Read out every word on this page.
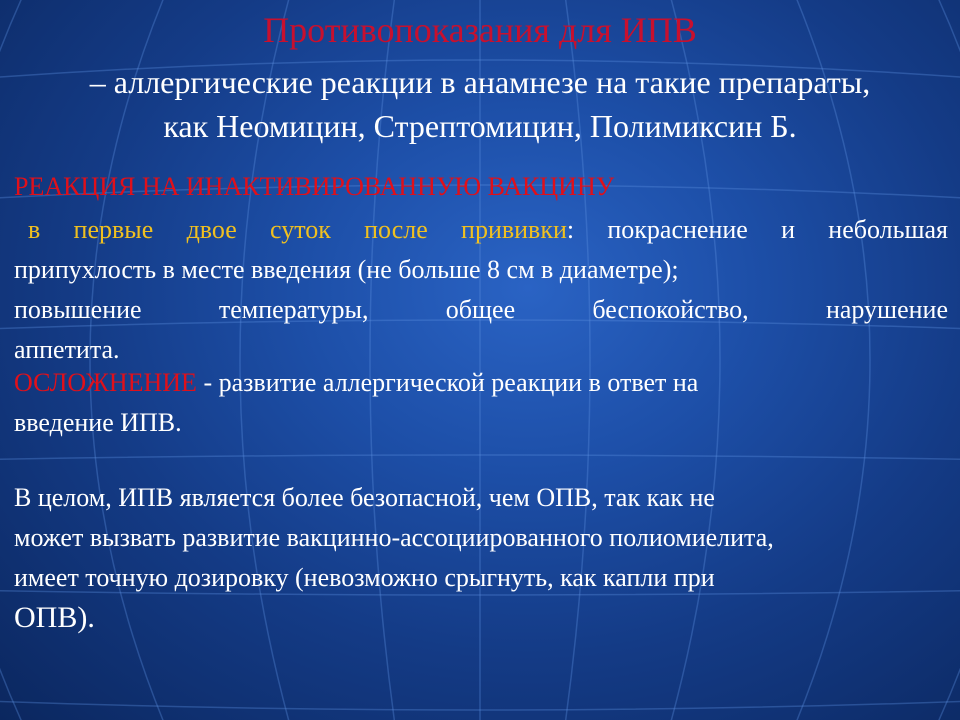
Противопоказания для ИПВ
– аллергические реакции в анамнезе на такие препараты,
как Неомицин, Стрептомицин, Полимиксин Б.
РЕАКЦИЯ НА ИНАКТИВИРОВАННУЮ ВАКЦИНУ
в первые двое суток после прививки: покраснение и небольшая
припухлость в месте введения (не больше 8 см в диаметре);
повышение температуры, общее беспокойство, нарушение
аппетита.
ОСЛОЖНЕНИЕ - развитие аллергической реакции в ответ на
введение ИПВ.
В целом, ИПВ является более безопасной, чем ОПВ, так как не
может вызвать развитие вакцинно-ассоциированного полиомиелита,
имеет точную дозировку (невозможно срыгнуть, как капли при
ОПВ).
